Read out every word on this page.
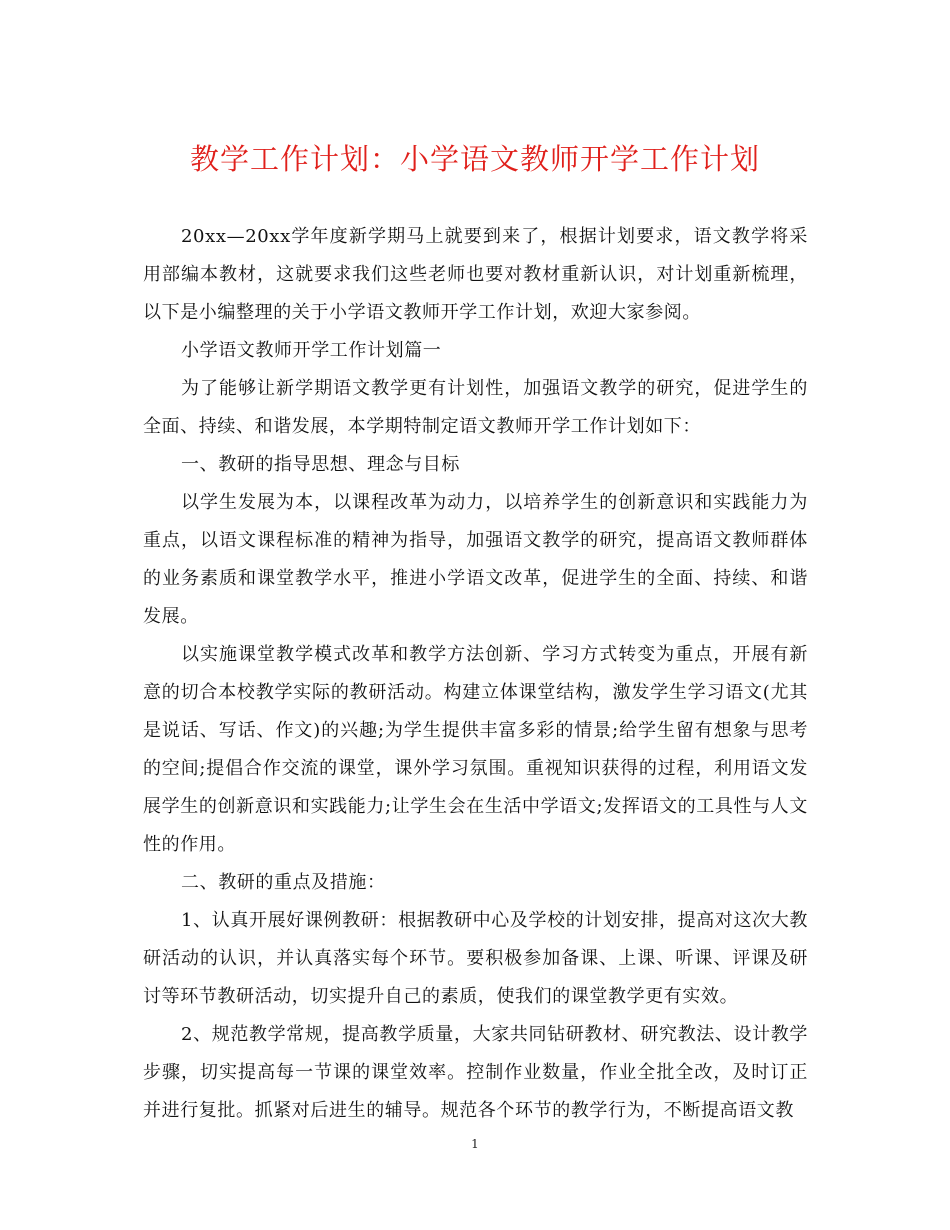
教学工作计划：小学语文教师开学工作计划

20xx—20xx学年度新学期马上就要到来了，根据计划要求，语文教学将采用部编本教材，这就要求我们这些老师也要对教材重新认识，对计划重新梳理，以下是小编整理的关于小学语文教师开学工作计划，欢迎大家参阅。

小学语文教师开学工作计划篇一

为了能够让新学期语文教学更有计划性，加强语文教学的研究，促进学生的全面、持续、和谐发展，本学期特制定语文教师开学工作计划如下：

一、教研的指导思想、理念与目标

以学生发展为本，以课程改革为动力，以培养学生的创新意识和实践能力为重点，以语文课程标准的精神为指导，加强语文教学的研究，提高语文教师群体的业务素质和课堂教学水平，推进小学语文改革，促进学生的全面、持续、和谐发展。

以实施课堂教学模式改革和教学方法创新、学习方式转变为重点，开展有新意的切合本校教学实际的教研活动。构建立体课堂结构，激发学生学习语文(尤其是说话、写话、作文)的兴趣;为学生提供丰富多彩的情景;给学生留有想象与思考的空间;提倡合作交流的课堂，课外学习氛围。重视知识获得的过程，利用语文发展学生的创新意识和实践能力;让学生会在生活中学语文;发挥语文的工具性与人文性的作用。

二、教研的重点及措施：

1、认真开展好课例教研：根据教研中心及学校的计划安排，提高对这次大教研活动的认识，并认真落实每个环节。要积极参加备课、上课、听课、评课及研讨等环节教研活动，切实提升自己的素质，使我们的课堂教学更有实效。

2、规范教学常规，提高教学质量，大家共同钻研教材、研究教法、设计教学步骤，切实提高每一节课的课堂效率。控制作业数量，作业全批全改，及时订正并进行复批。抓紧对后进生的辅导。规范各个环节的教学行为，不断提高语文教

1
